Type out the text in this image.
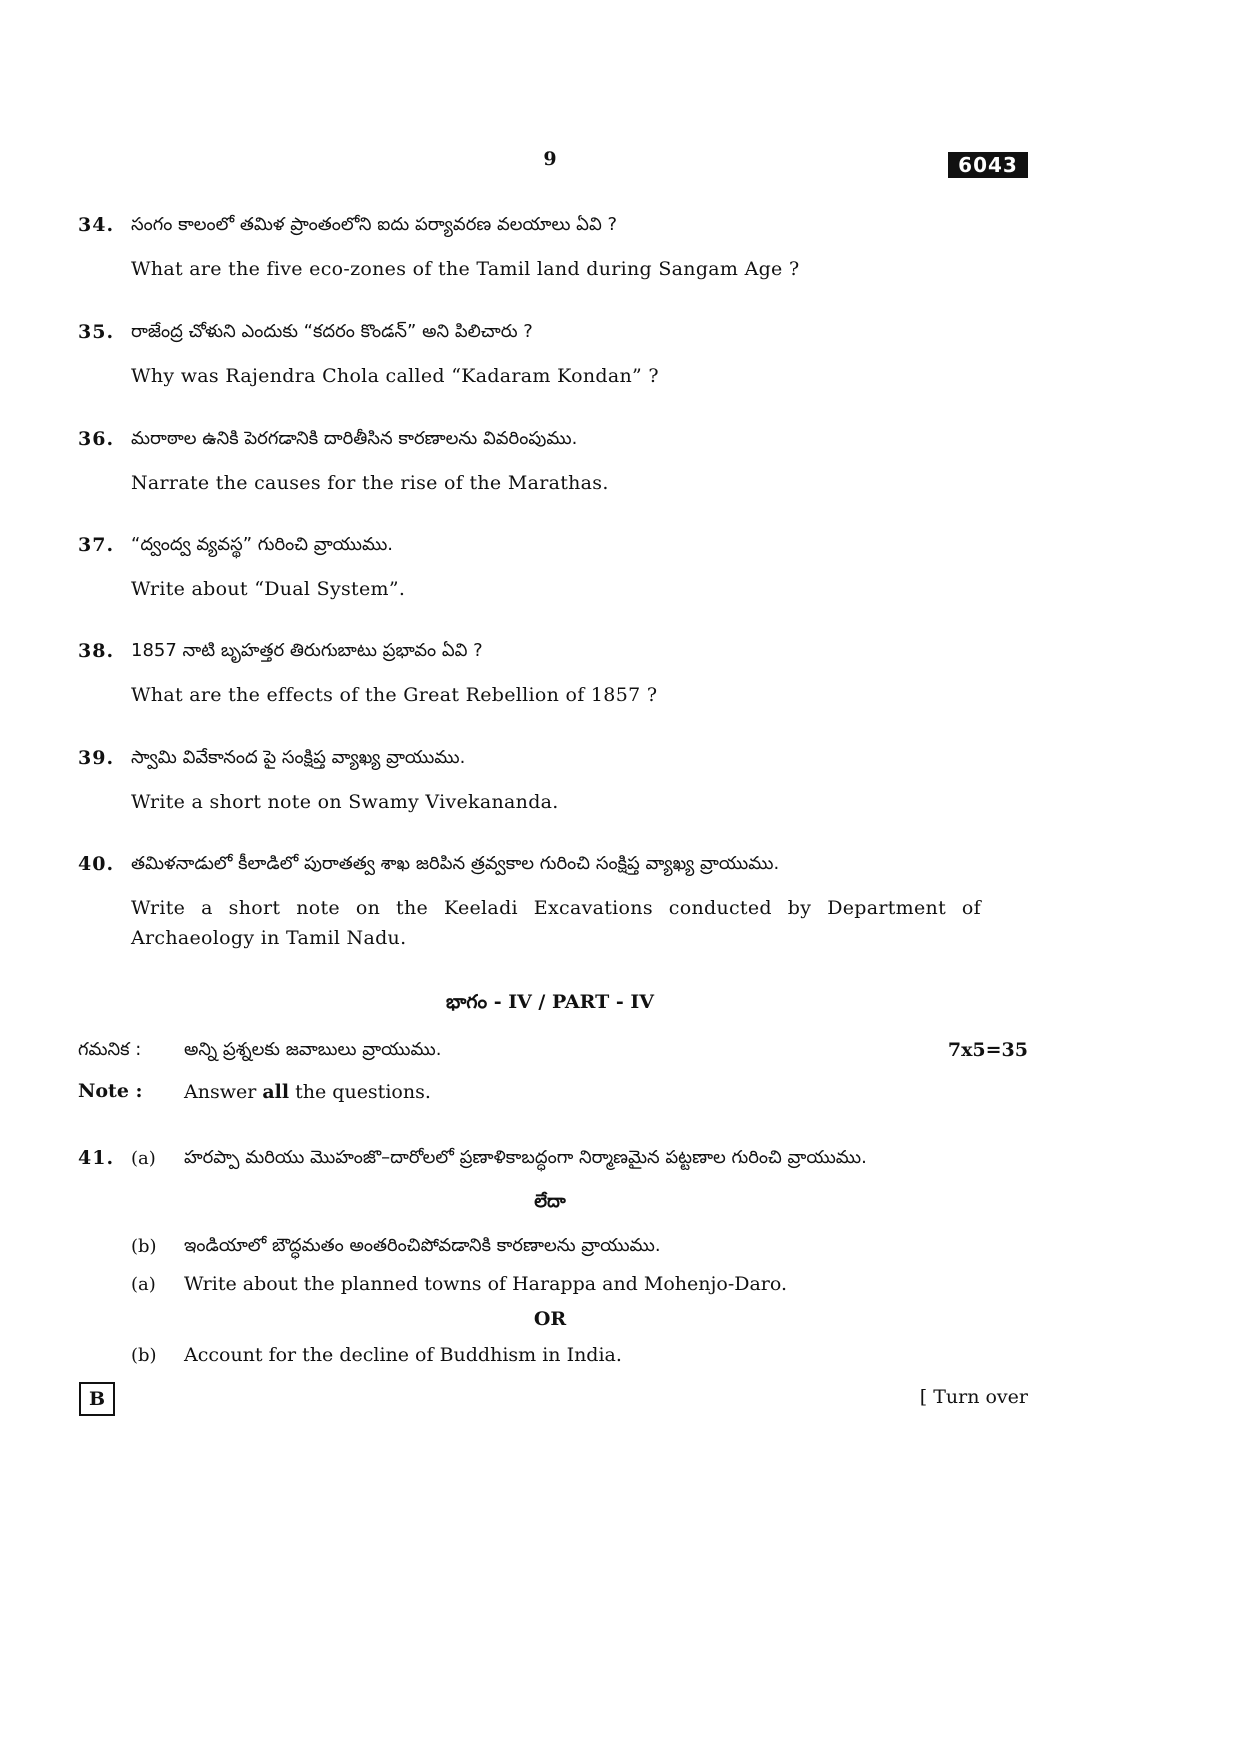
9	6043
34. సంగం కాలంలో తమిళ ప్రాంతంలోని ఐదు పర్యావరణ వలయాలు ఏవి ?
What are the five eco-zones of the Tamil land during Sangam Age ?
35. రాజేంద్ర చోళుని ఎందుకు “కదరం కొండన్” అని పిలిచారు ?
Why was Rajendra Chola called “Kadaram Kondan” ?
36. మరాఠాల ఉనికి పెరగడానికి దారితీసిన కారణాలను వివరింపుము.
Narrate the causes for the rise of the Marathas.
37. “ద్వంద్వ వ్యవస్థ” గురించి వ్రాయుము.
Write about “Dual System”.
38. 1857 నాటి బృహత్తర తిరుగుబాటు ప్రభావం ఏవి ?
What are the effects of the Great Rebellion of 1857 ?
39. స్వామి వివేకానంద పై సంక్షిప్త వ్యాఖ్య వ్రాయుము.
Write a short note on Swamy Vivekananda.
40. తమిళనాడులో కీలాడిలో పురాతత్వ శాఖ జరిపిన త్రవ్వకాల గురించి సంక్షిప్త వ్యాఖ్య వ్రాయుము.
Write a short note on the Keeladi Excavations conducted by Department of Archaeology in Tamil Nadu.
భాగం - IV / PART - IV
గమనిక : అన్ని ప్రశ్నలకు జవాబులు వ్రాయుము.	7x5=35
Note : Answer all the questions.
41. (a) హరప్పా మరియు మొహంజొ–దారోలలో ప్రణాళికాబద్ధంగా నిర్మాణమైన పట్టణాల గురించి వ్రాయుము.
లేదా
(b) ఇండియాలో బౌద్ధమతం అంతరించిపోవడానికి కారణాలను వ్రాయుము.
(a) Write about the planned towns of Harappa and Mohenjo-Daro.
OR
(b) Account for the decline of Buddhism in India.
B	[ Turn over
